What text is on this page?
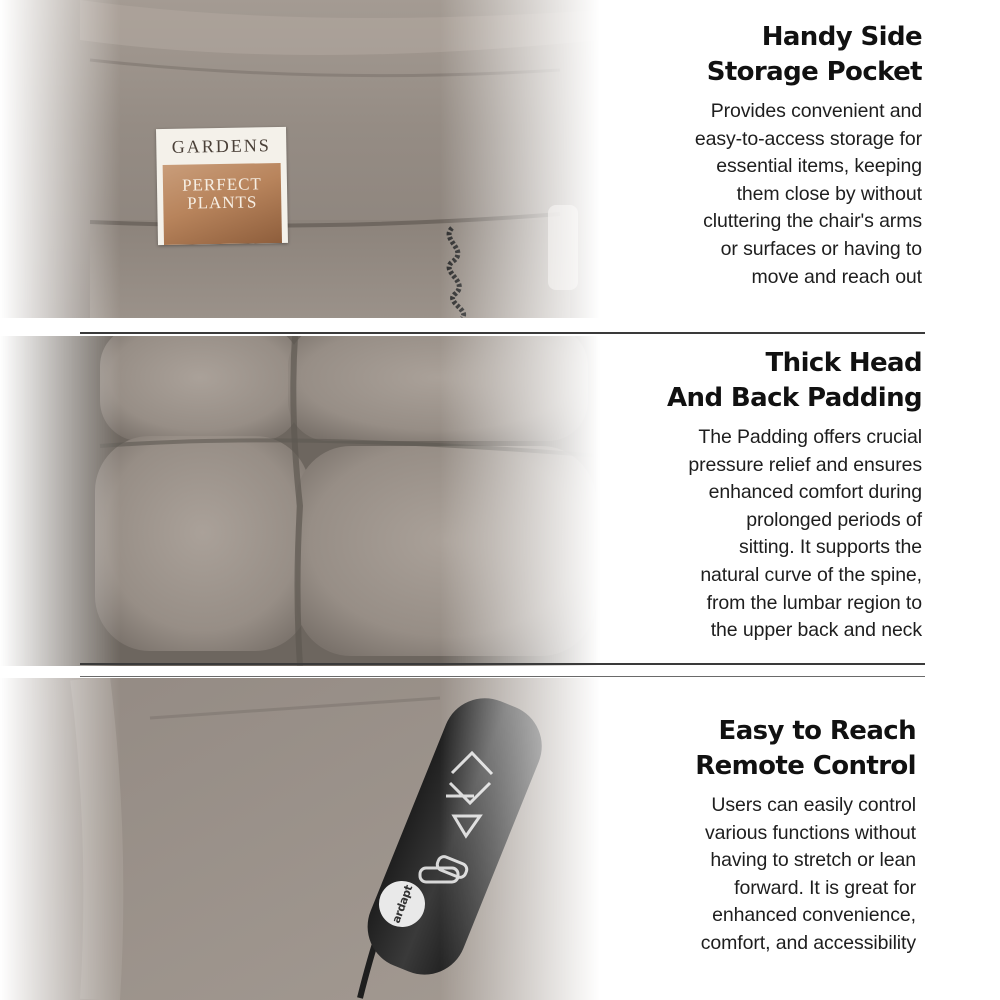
GARDENS
PERFECT
PLANTS
ardapt
Handy Side
Storage Pocket
Provides convenient and
easy-to-access storage for
essential items, keeping
them close by without
cluttering the chair's arms
or surfaces or having to
move and reach out
Thick Head
And Back Padding
The Padding offers crucial
pressure relief and ensures
enhanced comfort during
prolonged periods of
sitting. It supports the
natural curve of the spine,
from the lumbar region to
the upper back and neck
Easy to Reach
Remote Control
Users can easily control
various functions without
having to stretch or lean
forward. It is great for
enhanced convenience,
comfort, and accessibility
